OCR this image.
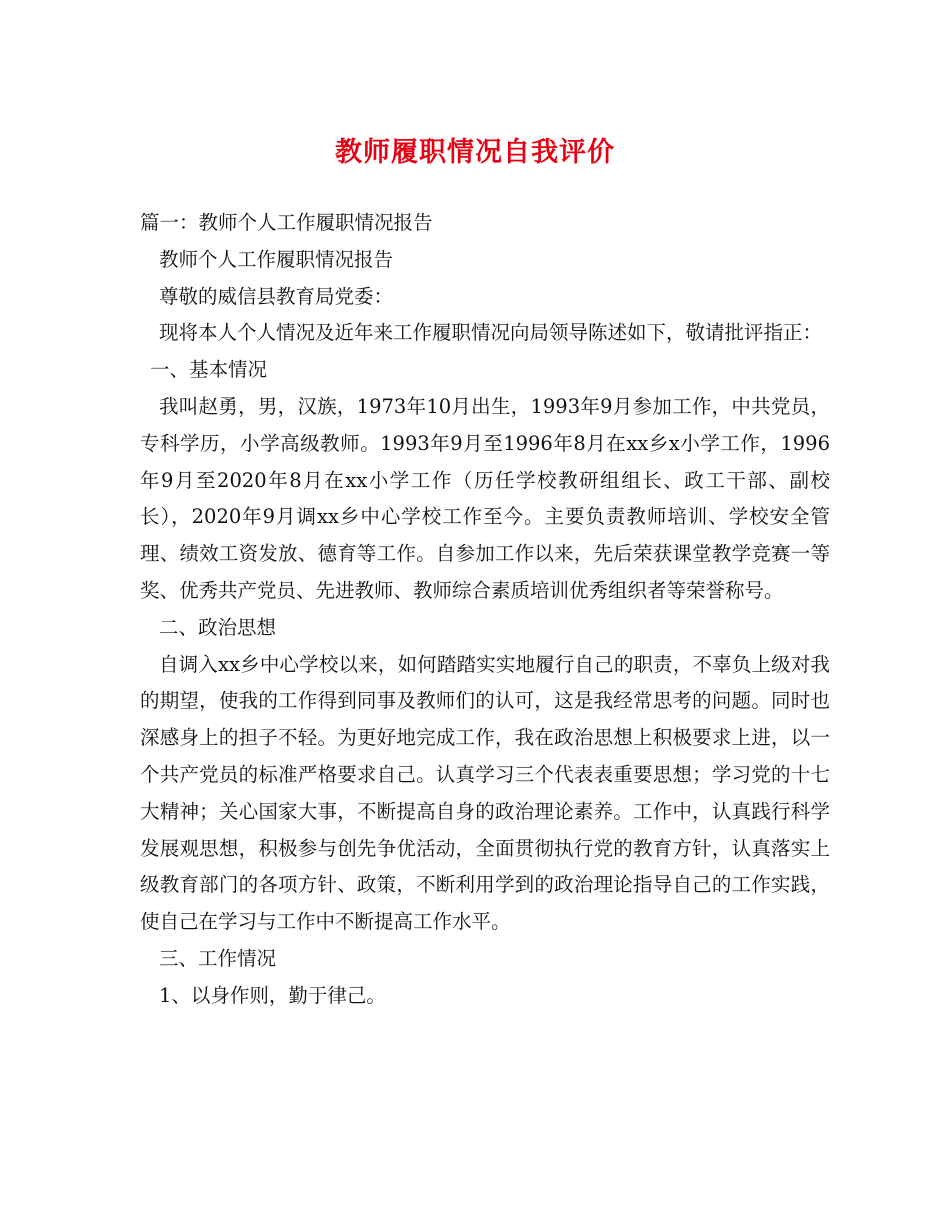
教师履职情况自我评价

篇一：教师个人工作履职情况报告

教师个人工作履职情况报告

尊敬的威信县教育局党委：

现将本人个人情况及近年来工作履职情况向局领导陈述如下，敬请批评指正：

一、基本情况

我叫赵勇，男，汉族，1973年10月出生，1993年9月参加工作，中共党员，专科学历，小学高级教师。1993年9月至1996年8月在xx乡x小学工作，1996年9月至2020年8月在xx小学工作（历任学校教研组组长、政工干部、副校长），2020年9月调xx乡中心学校工作至今。主要负责教师培训、学校安全管理、绩效工资发放、德育等工作。自参加工作以来，先后荣获课堂教学竞赛一等奖、优秀共产党员、先进教师、教师综合素质培训优秀组织者等荣誉称号。

二、政治思想

自调入xx乡中心学校以来，如何踏踏实实地履行自己的职责，不辜负上级对我的期望，使我的工作得到同事及教师们的认可，这是我经常思考的问题。同时也深感身上的担子不轻。为更好地完成工作，我在政治思想上积极要求上进，以一个共产党员的标准严格要求自己。认真学习三个代表表重要思想；学习党的十七大精神；关心国家大事，不断提高自身的政治理论素养。工作中，认真践行科学发展观思想，积极参与创先争优活动，全面贯彻执行党的教育方针，认真落实上级教育部门的各项方针、政策，不断利用学到的政治理论指导自己的工作实践，使自己在学习与工作中不断提高工作水平。

三、工作情况

1、以身作则，勤于律己。
